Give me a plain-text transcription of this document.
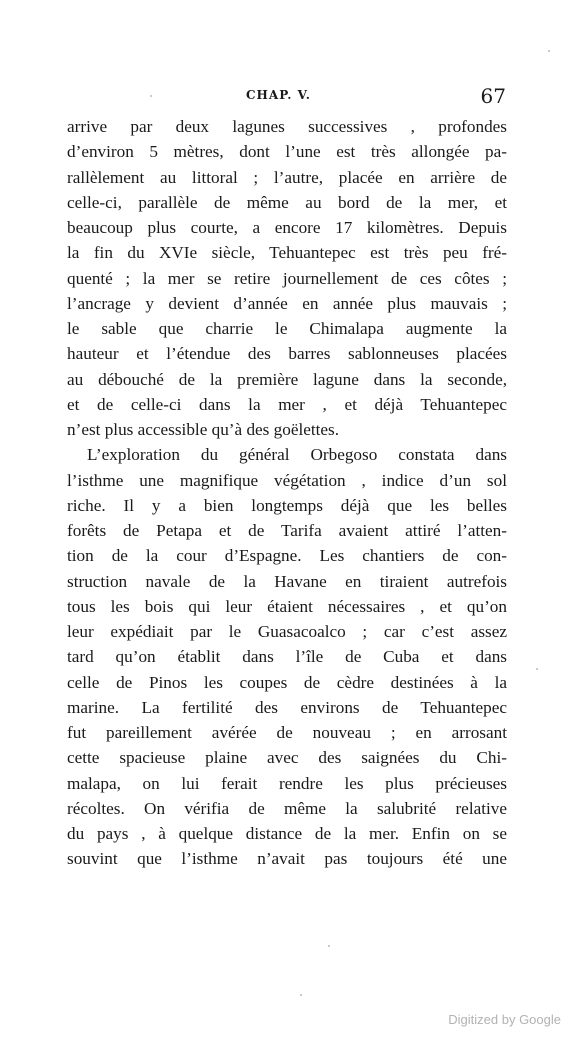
CHAP. V.	67
arrive par deux lagunes successives , profondes
d’environ 5 mètres, dont l’une est très allongée pa-
rallèlement au littoral ; l’autre, placée en arrière de
celle-ci, parallèle de même au bord de la mer, et
beaucoup plus courte, a encore 17 kilomètres. Depuis
la fin du XVIe siècle, Tehuantepec est très peu fré-
quenté ; la mer se retire journellement de ces côtes ;
l’ancrage y devient d’année en année plus mauvais ;
le sable que charrie le Chimalapa augmente la
hauteur et l’étendue des barres sablonneuses placées
au débouché de la première lagune dans la seconde,
et de celle-ci dans la mer , et déjà Tehuantepec
n’est plus accessible qu’à des goëlettes.
L’exploration du général Orbegoso constata dans
l’isthme une magnifique végétation , indice d’un sol
riche. Il y a bien longtemps déjà que les belles
forêts de Petapa et de Tarifa avaient attiré l’atten-
tion de la cour d’Espagne. Les chantiers de con-
struction navale de la Havane en tiraient autrefois
tous les bois qui leur étaient nécessaires , et qu’on
leur expédiait par le Guasacoalco ; car c’est assez
tard qu’on établit dans l’île de Cuba et dans
celle de Pinos les coupes de cèdre destinées à la
marine. La fertilité des environs de Tehuantepec
fut pareillement avérée de nouveau ; en arrosant
cette spacieuse plaine avec des saignées du Chi-
malapa, on lui ferait rendre les plus précieuses
récoltes. On vérifia de même la salubrité relative
du pays , à quelque distance de la mer. Enfin on se
souvint que l’isthme n’avait pas toujours été une
Digitized by Google
